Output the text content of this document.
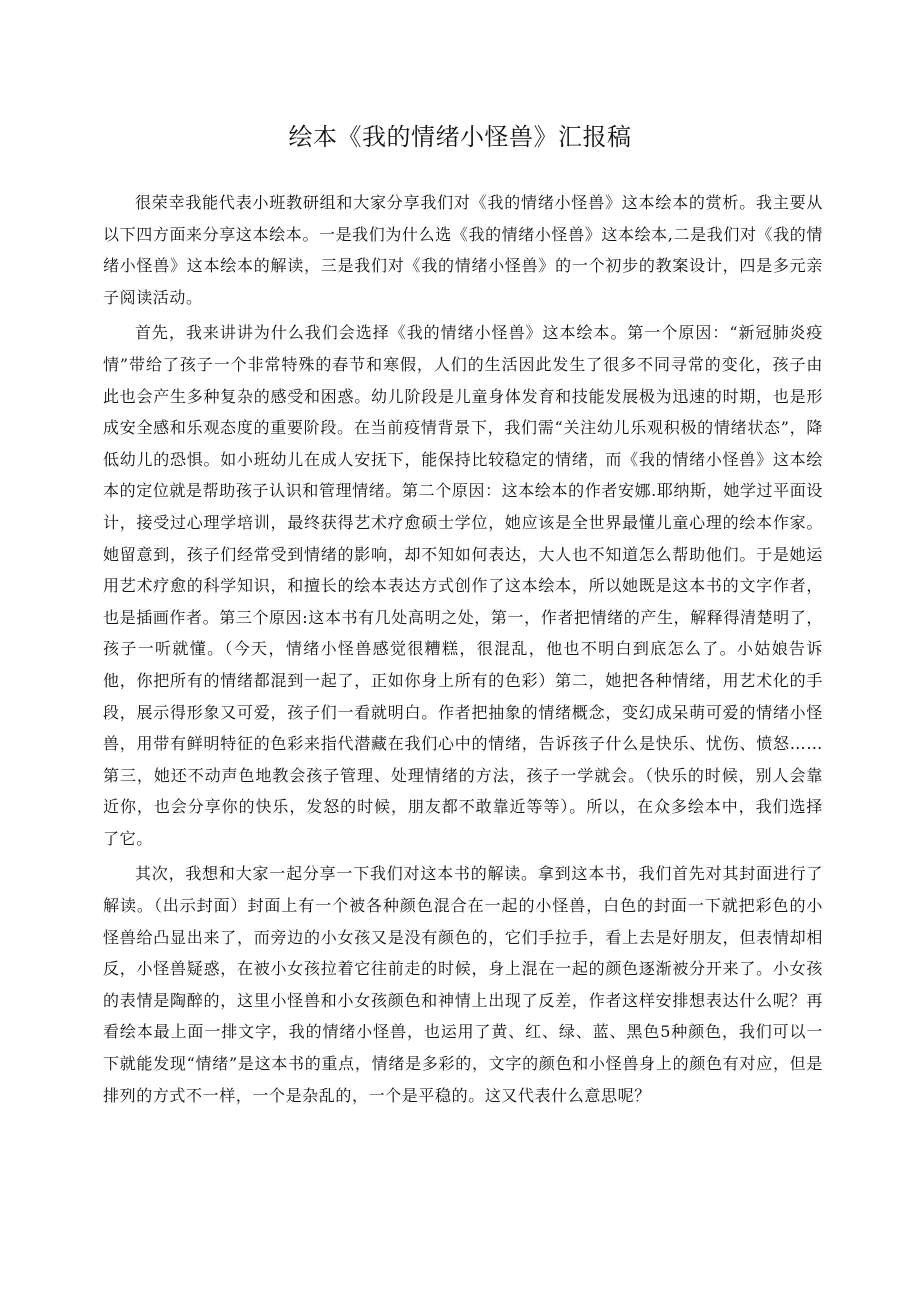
绘本《我的情绪小怪兽》汇报稿

很荣幸我能代表小班教研组和大家分享我们对《我的情绪小怪兽》这本绘本的赏析。我主要从以下四方面来分享这本绘本。一是我们为什么选《我的情绪小怪兽》这本绘本,二是我们对《我的情绪小怪兽》这本绘本的解读，三是我们对《我的情绪小怪兽》的一个初步的教案设计，四是多元亲子阅读活动。

首先，我来讲讲为什么我们会选择《我的情绪小怪兽》这本绘本。第一个原因：“新冠肺炎疫情”带给了孩子一个非常特殊的春节和寒假，人们的生活因此发生了很多不同寻常的变化，孩子由此也会产生多种复杂的感受和困惑。幼儿阶段是儿童身体发育和技能发展极为迅速的时期，也是形成安全感和乐观态度的重要阶段。在当前疫情背景下，我们需“关注幼儿乐观积极的情绪状态”，降低幼儿的恐惧。如小班幼儿在成人安抚下，能保持比较稳定的情绪，而《我的情绪小怪兽》这本绘本的定位就是帮助孩子认识和管理情绪。第二个原因：这本绘本的作者安娜.耶纳斯，她学过平面设计，接受过心理学培训，最终获得艺术疗愈硕士学位，她应该是全世界最懂儿童心理的绘本作家。她留意到，孩子们经常受到情绪的影响，却不知如何表达，大人也不知道怎么帮助他们。于是她运用艺术疗愈的科学知识，和擅长的绘本表达方式创作了这本绘本，所以她既是这本书的文字作者，也是插画作者。第三个原因:这本书有几处高明之处，第一，作者把情绪的产生，解释得清楚明了，孩子一听就懂。（今天，情绪小怪兽感觉很糟糕，很混乱，他也不明白到底怎么了。小姑娘告诉他，你把所有的情绪都混到一起了，正如你身上所有的色彩）第二，她把各种情绪，用艺术化的手段，展示得形象又可爱，孩子们一看就明白。作者把抽象的情绪概念，变幻成呆萌可爱的情绪小怪兽，用带有鲜明特征的色彩来指代潜藏在我们心中的情绪，告诉孩子什么是快乐、忧伤、愤怒……第三，她还不动声色地教会孩子管理、处理情绪的方法，孩子一学就会。（快乐的时候，别人会靠近你，也会分享你的快乐，发怒的时候，朋友都不敢靠近等等）。所以，在众多绘本中，我们选择了它。

其次，我想和大家一起分享一下我们对这本书的解读。拿到这本书，我们首先对其封面进行了解读。（出示封面）封面上有一个被各种颜色混合在一起的小怪兽，白色的封面一下就把彩色的小怪兽给凸显出来了，而旁边的小女孩又是没有颜色的，它们手拉手，看上去是好朋友，但表情却相反，小怪兽疑惑，在被小女孩拉着它往前走的时候，身上混在一起的颜色逐渐被分开来了。小女孩的表情是陶醉的，这里小怪兽和小女孩颜色和神情上出现了反差，作者这样安排想表达什么呢？再看绘本最上面一排文字，我的情绪小怪兽，也运用了黄、红、绿、蓝、黑色5种颜色，我们可以一下就能发现“情绪”是这本书的重点，情绪是多彩的，文字的颜色和小怪兽身上的颜色有对应，但是排列的方式不一样，一个是杂乱的，一个是平稳的。这又代表什么意思呢？
